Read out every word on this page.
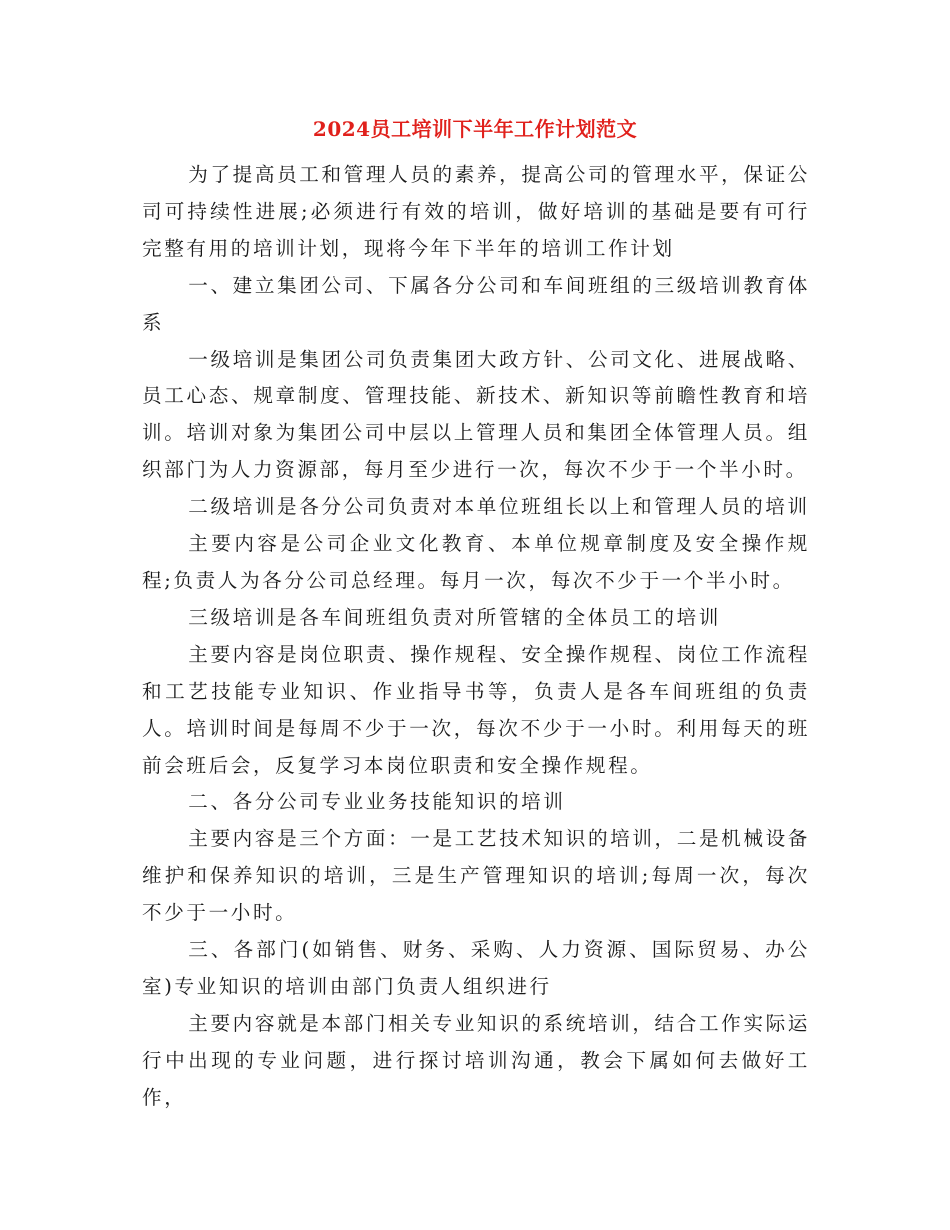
2024员工培训下半年工作计划范文

为了提高员工和管理人员的素养，提高公司的管理水平，保证公司可持续性进展;必须进行有效的培训，做好培训的基础是要有可行完整有用的培训计划，现将今年下半年的培训工作计划

一、建立集团公司、下属各分公司和车间班组的三级培训教育体系

一级培训是集团公司负责集团大政方针、公司文化、进展战略、员工心态、规章制度、管理技能、新技术、新知识等前瞻性教育和培训。培训对象为集团公司中层以上管理人员和集团全体管理人员。组织部门为人力资源部，每月至少进行一次，每次不少于一个半小时。

二级培训是各分公司负责对本单位班组长以上和管理人员的培训

主要内容是公司企业文化教育、本单位规章制度及安全操作规程;负责人为各分公司总经理。每月一次，每次不少于一个半小时。

三级培训是各车间班组负责对所管辖的全体员工的培训

主要内容是岗位职责、操作规程、安全操作规程、岗位工作流程和工艺技能专业知识、作业指导书等，负责人是各车间班组的负责人。培训时间是每周不少于一次，每次不少于一小时。利用每天的班前会班后会，反复学习本岗位职责和安全操作规程。

二、各分公司专业业务技能知识的培训

主要内容是三个方面：一是工艺技术知识的培训，二是机械设备维护和保养知识的培训，三是生产管理知识的培训;每周一次，每次不少于一小时。

三、各部门(如销售、财务、采购、人力资源、国际贸易、办公室)专业知识的培训由部门负责人组织进行

主要内容就是本部门相关专业知识的系统培训，结合工作实际运行中出现的专业问题，进行探讨培训沟通，教会下属如何去做好工作，
